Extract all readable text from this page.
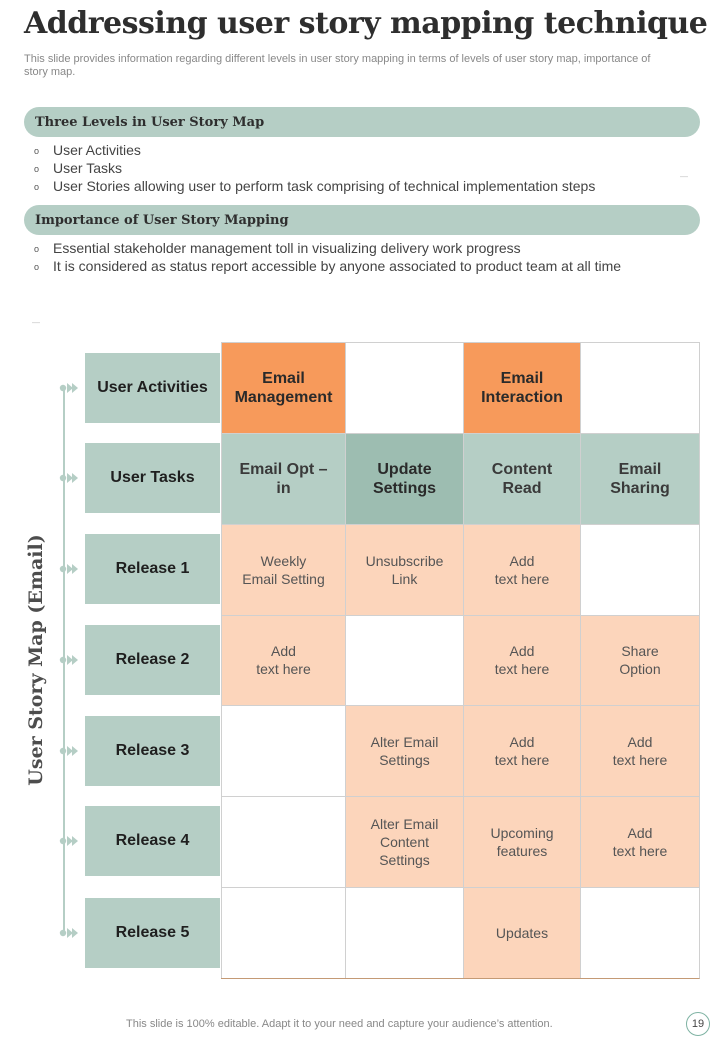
Addressing user story mapping technique
This slide provides information regarding different levels in user story mapping in terms of levels of user story map, importance of story map.
Three Levels in User Story Map
o User Activities
o User Tasks
o User Stories allowing user to perform task comprising of technical implementation steps
—
Importance of User Story Mapping
o Essential stakeholder management toll in visualizing delivery work progress
o It is considered as status report accessible by anyone associated to product team at all time
—
User Story Map (Email)
User Activities
User Tasks
Release 1
Release 2
Release 3
Release 4
Release 5
Email
Management
Email
Interaction
Email Opt –
in
Update
Settings
Content
Read
Email
Sharing
Weekly
Email Setting
Unsubscribe
Link
Add
text here
Add
text here
Add
text here
Share
Option
Alter Email
Settings
Add
text here
Add
text here
Alter Email
Content
Settings
Upcoming
features
Add
text here
Updates
This slide is 100% editable. Adapt it to your need and capture your audience’s attention.	19
